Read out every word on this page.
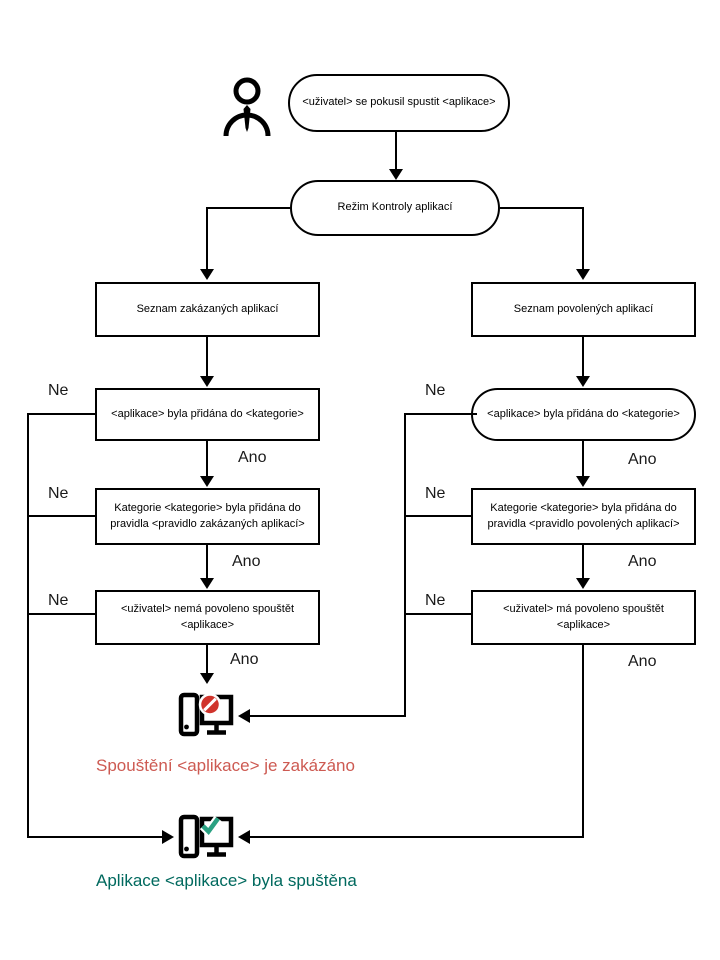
<uživatel> se pokusil spustit <aplikace>
Režim Kontroly aplikací
Seznam zakázaných aplikací	Seznam povolených aplikací
<aplikace> byla přidána do <kategorie>	<aplikace> byla přidána do <kategorie>
Ne	Ne
Ano	Ano
Kategorie <kategorie> byla přidána do pravidla <pravidlo zakázaných aplikací>
Kategorie <kategorie> byla přidána do pravidla <pravidlo povolených aplikací>
Ne	Ne
Ano	Ano
<uživatel> nemá povoleno spouštět <aplikace>
<uživatel> má povoleno spouštět <aplikace>
Ne	Ne
Ano	Ano
Spouštění <aplikace> je zakázáno
Aplikace <aplikace> byla spuštěna
